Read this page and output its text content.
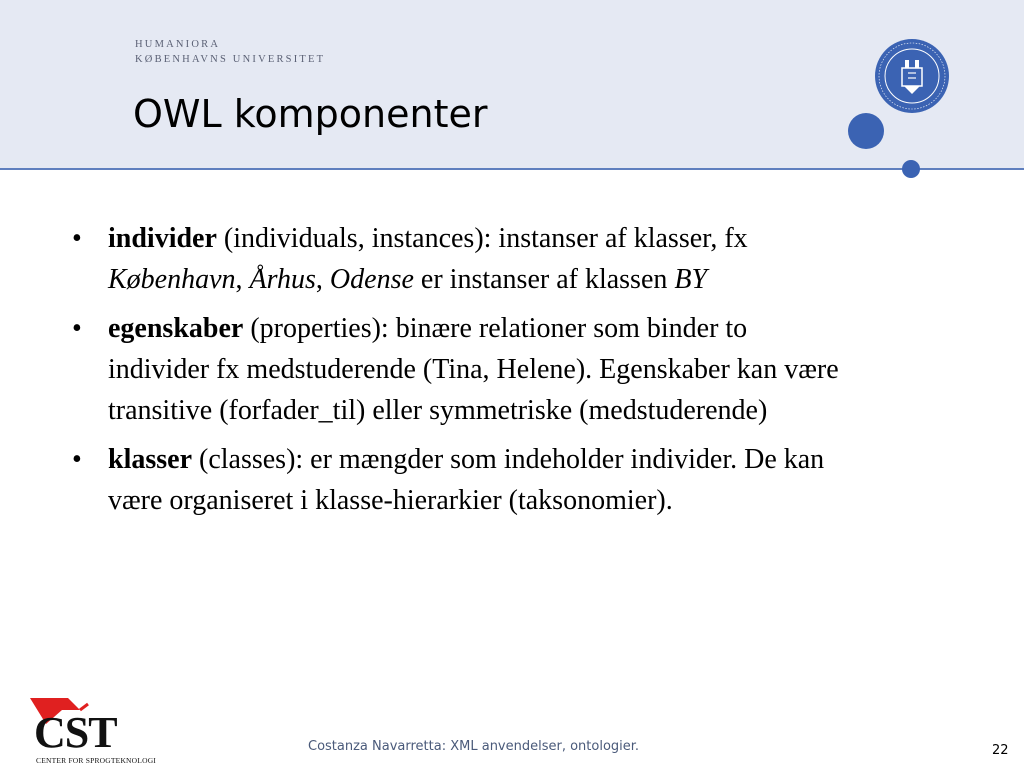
HUMANIORA
KØBENHAVNS UNIVERSITET
OWL komponenter
• individer (individuals, instances): instanser af klasser, fx København, Århus, Odense er instanser af klassen BY
• egenskaber (properties): binære relationer som binder to individer fx medstuderende (Tina, Helene). Egenskaber kan være transitive (forfader_til) eller symmetriske (medstuderende)
• klasser (classes): er mængder som indeholder individer. De kan være organiseret i klasse-hierarkier (taksonomier).
CST
CENTER FOR SPROGTEKNOLOGI
Costanza Navarretta: XML anvendelser, ontologier.	22
